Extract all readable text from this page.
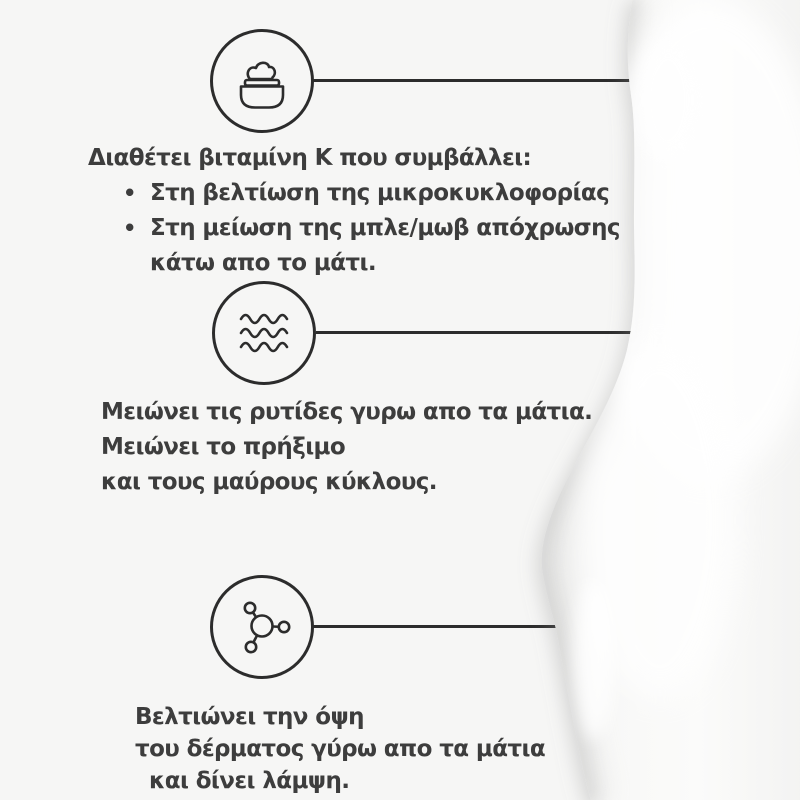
Διαθέτει βιταμίνη Κ που συμβάλλει:
• Στη βελτίωση της μικροκυκλοφορίας
• Στη μείωση της μπλε/μωβ απόχρωσης
κάτω απο το μάτι.
Μειώνει τις ρυτίδες γυρω απο τα μάτια.
Μειώνει το πρήξιμο
και τους μαύρους κύκλους.
Βελτιώνει την όψη
του δέρματος γύρω απο τα μάτια
και δίνει λάμψη.
